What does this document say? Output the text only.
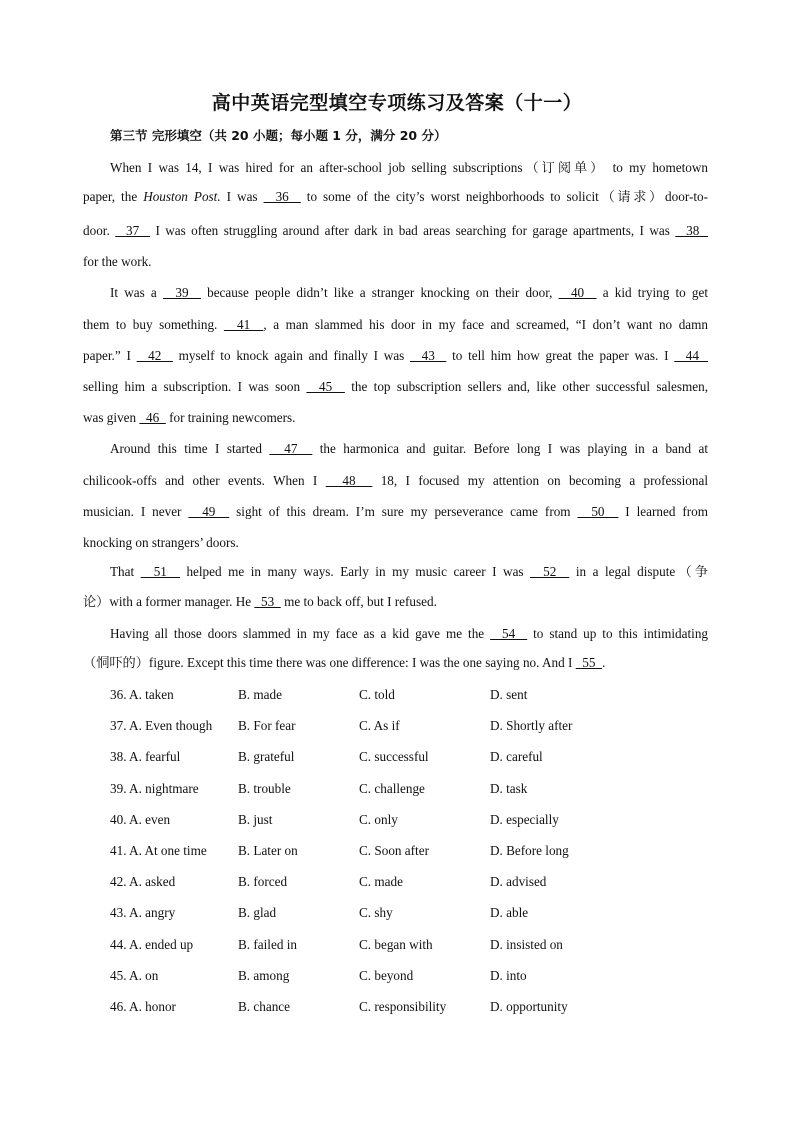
高中英语完型填空专项练习及答案（十一）
第三节 完形填空（共 20 小题；每小题 1 分，满分 20 分）
When I was 14, I was hired for an after-school job selling subscriptions（订阅单） to my hometown
paper, the Houston Post. I was   36   to some of the city’s worst neighborhoods to solicit（请求）door-to-
door.   37   I was often struggling around after dark in bad areas searching for garage apartments, I was   38
for the work.
It was a   39   because people didn’t like a stranger knocking on their door,   40   a kid trying to get
them to buy something.   41  , a man slammed his door in my face and screamed, “I don’t want no damn
paper.” I   42   myself to knock again and finally I was   43   to tell him how great the paper was. I   44
selling him a subscription. I was soon   45   the top subscription sellers and, like other successful salesmen,
was given   46   for training newcomers.
Around this time I started   47   the harmonica and guitar. Before long I was playing in a band at
chilicook-offs and other events. When I   48   18, I focused my attention on becoming a professional
musician. I never   49   sight of this dream. I’m sure my perseverance came from   50   I learned from
knocking on strangers’ doors.
That   51   helped me in many ways. Early in my music career I was   52   in a legal dispute（争
论）with a former manager. He   53   me to back off, but I refused.
Having all those doors slammed in my face as a kid gave me the   54   to stand up to this intimidating
（恫吓的）figure. Except this time there was one difference: I was the one saying no. And I   55  .
36. A. taken	B. made	C. told	D. sent
37. A. Even though B. For fear	C. As if	D. Shortly after
38. A. fearful	B. grateful	C. successful	D. careful
39. A. nightmare	B. trouble	C. challenge	D. task
40. A. even	B. just	C. only	D. especially
41. A. At one time B. Later on	C. Soon after	D. Before long
42. A. asked	B. forced	C. made	D. advised
43. A. angry	B. glad	C. shy	D. able
44. A. ended up	B. failed in	C. began with	D. insisted on
45. A. on	B. among	C. beyond	D. into
46. A. honor	B. chance	C. responsibility	D. opportunity
